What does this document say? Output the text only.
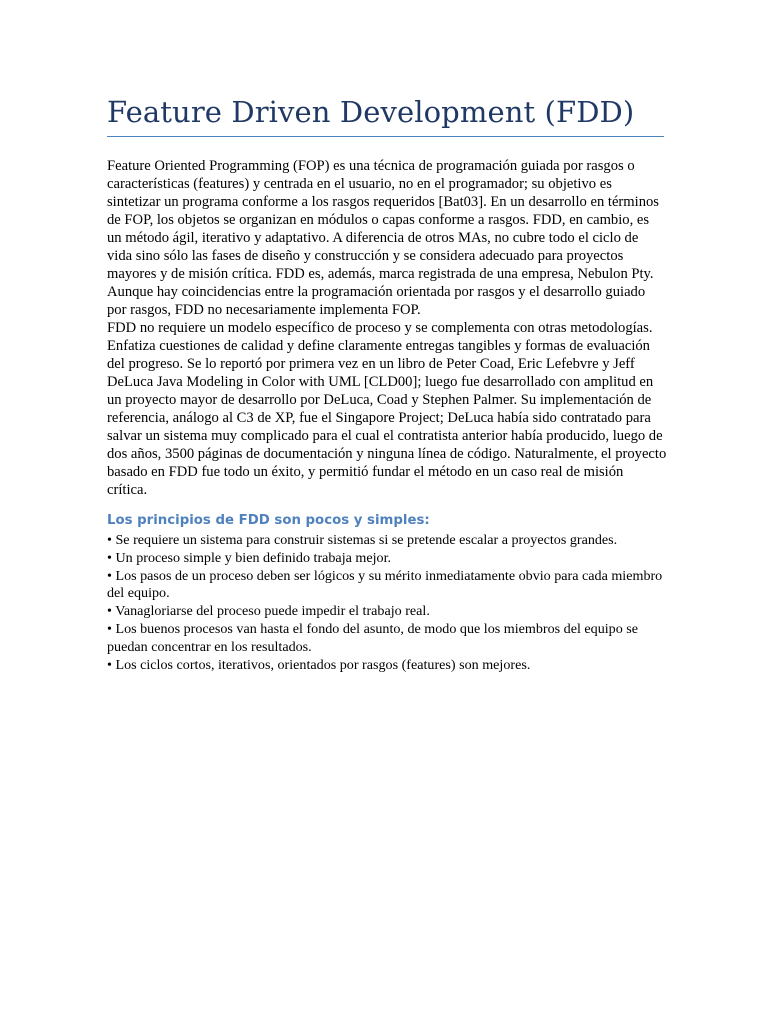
Feature Driven Development (FDD)

Feature Oriented Programming (FOP) es una técnica de programación guiada por rasgos o características (features) y centrada en el usuario, no en el programador; su objetivo es sintetizar un programa conforme a los rasgos requeridos [Bat03]. En un desarrollo en términos de FOP, los objetos se organizan en módulos o capas conforme a rasgos. FDD, en cambio, es un método ágil, iterativo y adaptativo. A diferencia de otros MAs, no cubre todo el ciclo de vida sino sólo las fases de diseño y construcción y se considera adecuado para proyectos mayores y de misión crítica. FDD es, además, marca registrada de una empresa, Nebulon Pty. Aunque hay coincidencias entre la programación orientada por rasgos y el desarrollo guiado por rasgos, FDD no necesariamente implementa FOP.

FDD no requiere un modelo específico de proceso y se complementa con otras metodologías. Enfatiza cuestiones de calidad y define claramente entregas tangibles y formas de evaluación del progreso. Se lo reportó por primera vez en un libro de Peter Coad, Eric Lefebvre y Jeff DeLuca Java Modeling in Color with UML [CLD00]; luego fue desarrollado con amplitud en un proyecto mayor de desarrollo por DeLuca, Coad y Stephen Palmer. Su implementación de referencia, análogo al C3 de XP, fue el Singapore Project; DeLuca había sido contratado para salvar un sistema muy complicado para el cual el contratista anterior había producido, luego de dos años, 3500 páginas de documentación y ninguna línea de código. Naturalmente, el proyecto basado en FDD fue todo un éxito, y permitió fundar el método en un caso real de misión crítica.

Los principios de FDD son pocos y simples:
• Se requiere un sistema para construir sistemas si se pretende escalar a proyectos grandes.
• Un proceso simple y bien definido trabaja mejor.
• Los pasos de un proceso deben ser lógicos y su mérito inmediatamente obvio para cada miembro del equipo.
• Vanagloriarse del proceso puede impedir el trabajo real.
• Los buenos procesos van hasta el fondo del asunto, de modo que los miembros del equipo se puedan concentrar en los resultados.
• Los ciclos cortos, iterativos, orientados por rasgos (features) son mejores.
